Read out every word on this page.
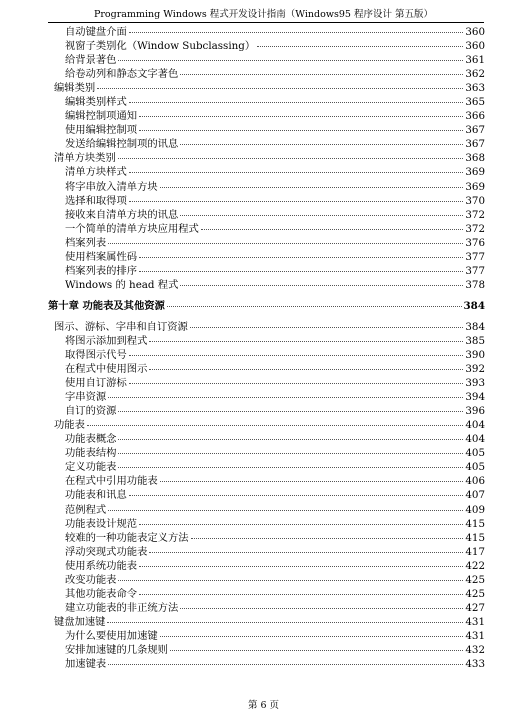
Programming Windows 程式开发设计指南（Windows95 程序设计 第五版）
自动键盘介面	360
视窗子类别化（Window Subclassing）	360
给背景著色	361
给卷动列和静态文字著色	362
编辑类别	363
编辑类别样式	365
编辑控制项通知	366
使用编辑控制项	367
发送给编辑控制项的讯息	367
清单方块类别	368
清单方块样式	369
将字串放入清单方块	369
选择和取得项	370
接收来自清单方块的讯息	372
一个简单的清单方块应用程式	372
档案列表	376
使用档案属性码	377
档案列表的排序	377
Windows 的 head 程式	378
第十章 功能表及其他资源	384
图示、游标、字串和自订资源	384
将图示添加到程式	385
取得图示代号	390
在程式中使用图示	392
使用自订游标	393
字串资源	394
自订的资源	396
功能表	404
功能表概念	404
功能表结构	405
定义功能表	405
在程式中引用功能表	406
功能表和讯息	407
范例程式	409
功能表设计规范	415
较难的一种功能表定义方法	415
浮动突现式功能表	417
使用系统功能表	422
改变功能表	425
其他功能表命令	425
建立功能表的非正统方法	427
键盘加速键	431
为什么要使用加速键	431
安排加速键的几条规则	432
加速键表	433
第 6 页
